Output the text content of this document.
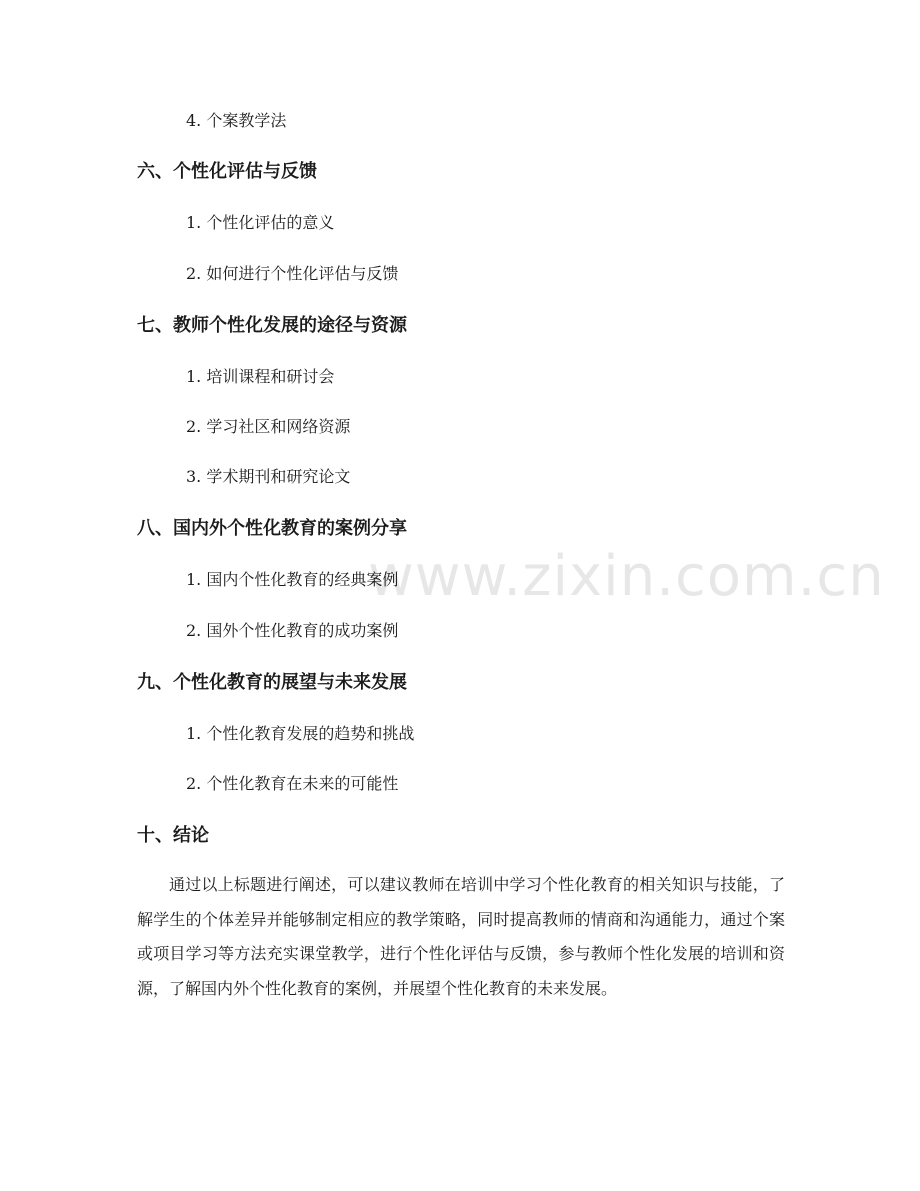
4. 个案教学法
六、个性化评估与反馈
1. 个性化评估的意义
2. 如何进行个性化评估与反馈
七、教师个性化发展的途径与资源
1. 培训课程和研讨会
2. 学习社区和网络资源
3. 学术期刊和研究论文
八、国内外个性化教育的案例分享
1. 国内个性化教育的经典案例
2. 国外个性化教育的成功案例
九、个性化教育的展望与未来发展
1. 个性化教育发展的趋势和挑战
2. 个性化教育在未来的可能性
十、结论

通过以上标题进行阐述，可以建议教师在培训中学习个性化教育的相关知识与技能，了解学生的个体差异并能够制定相应的教学策略，同时提高教师的情商和沟通能力，通过个案或项目学习等方法充实课堂教学，进行个性化评估与反馈，参与教师个性化发展的培训和资源，了解国内外个性化教育的案例，并展望个性化教育的未来发展。

www.zixin.com.cn
